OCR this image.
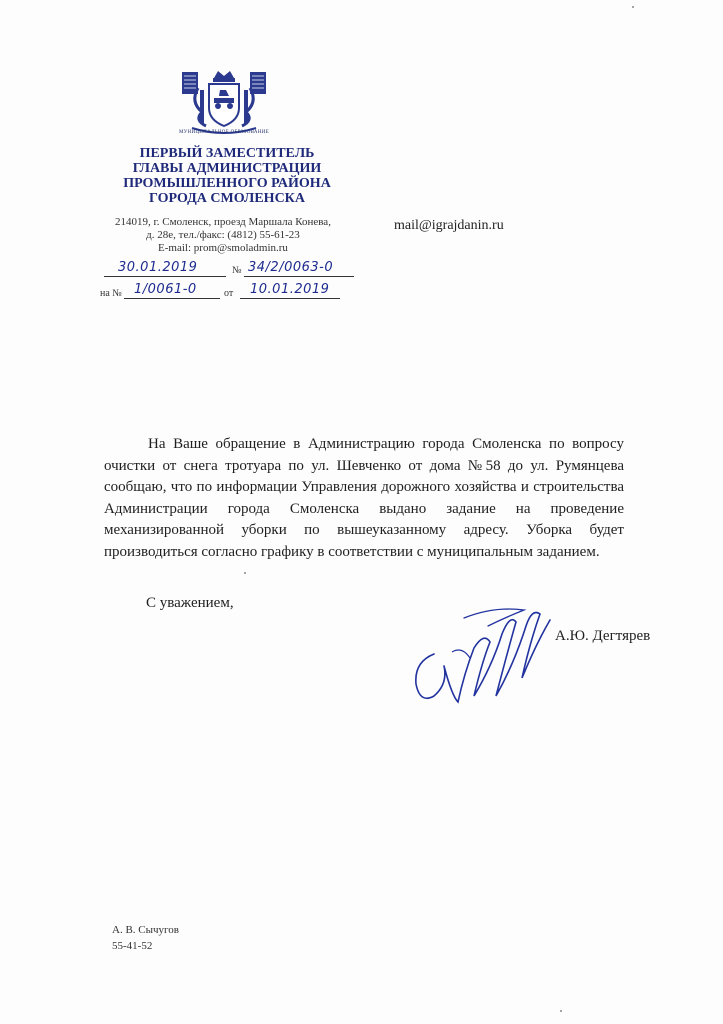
МУНИЦИПАЛЬНОЕ ОБРАЗОВАНИЕ
ПЕРВЫЙ ЗАМЕСТИТЕЛЬ
ГЛАВЫ АДМИНИСТРАЦИИ
ПРОМЫШЛЕННОГО РАЙОНА
ГОРОДА СМОЛЕНСКА
214019, г. Смоленск, проезд Маршала Конева,
д. 28е, тел./факс: (4812) 55-61-23
E-mail: prom@smoladmin.ru
mail@igrajdanin.ru
30.01.2019	№ 34/2/0063-0
на № 1/0061-0	от 10.01.2019

На Ваше обращение в Администрацию города Смоленска по вопросу очистки от снега тротуара по ул. Шевченко от дома №58 до ул. Румянцева сообщаю, что по информации Управления дорожного хозяйства и строительства Администрации города Смоленска выдано задание на проведение механизированной уборки по вышеуказанному адресу. Уборка будет производиться согласно графику в соответствии с муниципальным заданием.

С уважением,
А.Ю. Дегтярев
А. В. Сычугов
55-41-52
